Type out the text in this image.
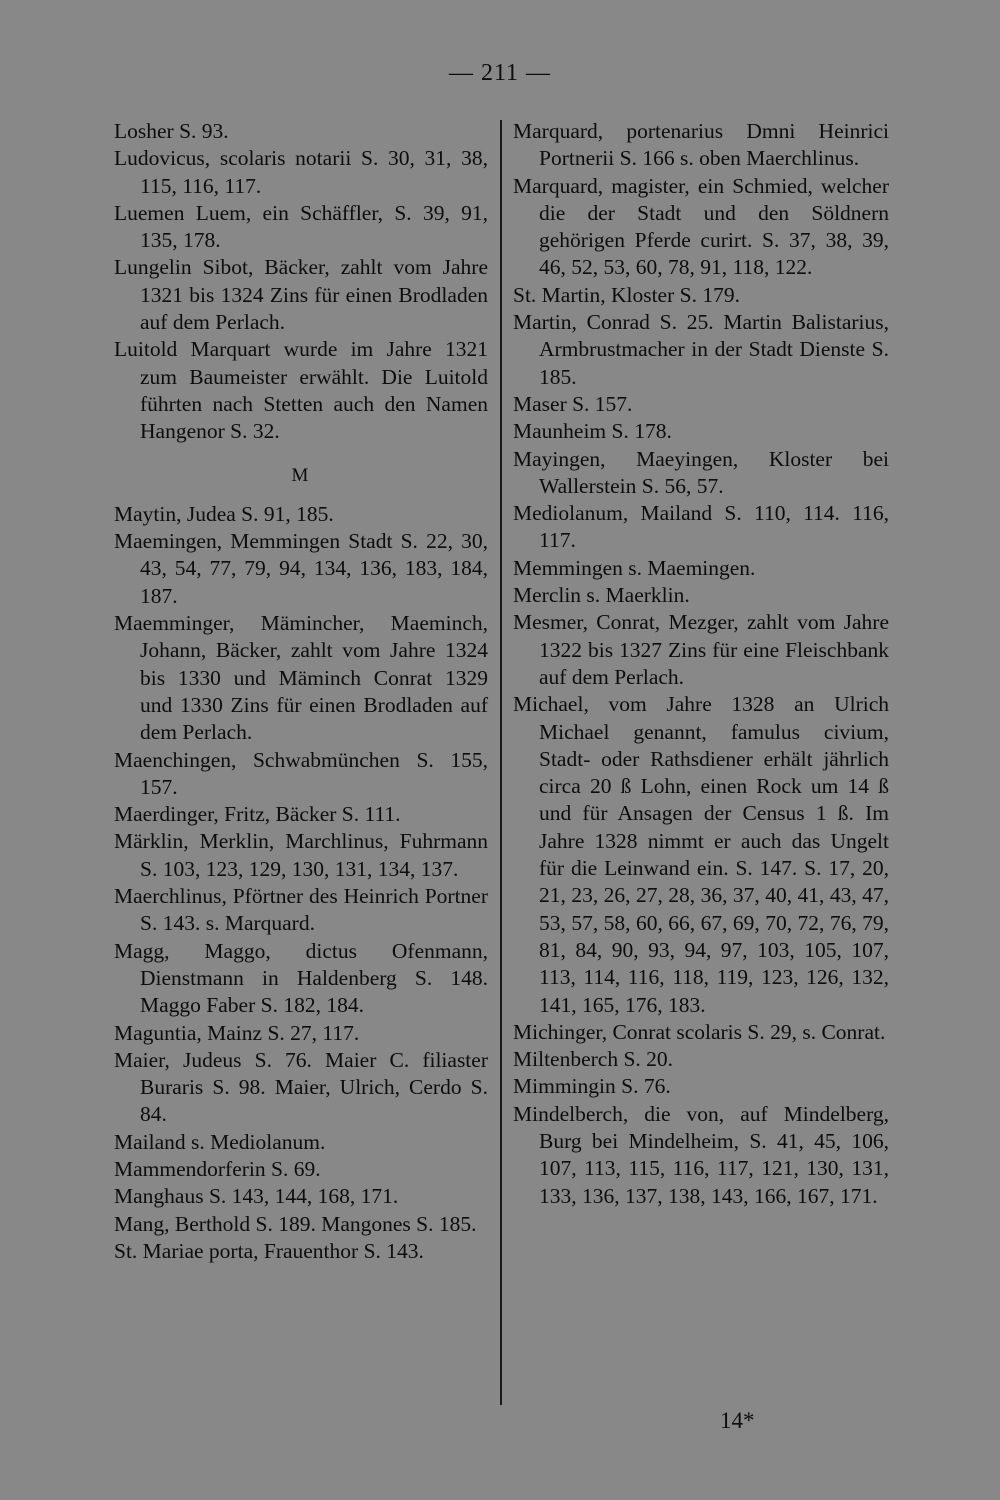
— 211 —

Losher S. 93.

Ludovicus, scolaris notarii S. 30, 31, 38, 115, 116, 117.

Luemen Luem, ein Schäffler, S. 39, 91, 135, 178.

Lungelin Sibot, Bäcker, zahlt vom Jahre 1321 bis 1324 Zins für einen Brodladen auf dem Perlach.

Luitold Marquart wurde im Jahre 1321 zum Baumeister erwählt. Die Luitold führten nach Stetten auch den Namen Hangenor S. 32.

M

Maytin, Judea S. 91, 185.

Maemingen, Memmingen Stadt S. 22, 30, 43, 54, 77, 79, 94, 134, 136, 183, 184, 187.

Maemminger, Mämincher, Maeminch, Johann, Bäcker, zahlt vom Jahre 1324 bis 1330 und Mäminch Conrat 1329 und 1330 Zins für einen Brodladen auf dem Perlach.

Maenchingen, Schwabmünchen S. 155, 157.

Maerdinger, Fritz, Bäcker S. 111.

Märklin, Merklin, Marchlinus, Fuhrmann S. 103, 123, 129, 130, 131, 134, 137.

Maerchlinus, Pförtner des Heinrich Portner S. 143. s. Marquard.

Magg, Maggo, dictus Ofenmann, Dienstmann in Haldenberg S. 148. Maggo Faber S. 182, 184.

Maguntia, Mainz S. 27, 117.

Maier, Judeus S. 76. Maier C. filiaster Buraris S. 98. Maier, Ulrich, Cerdo S. 84.

Mailand s. Mediolanum.

Mammendorferin S. 69.

Manghaus S. 143, 144, 168, 171.

Mang, Berthold S. 189. Mangones S. 185.

St. Mariae porta, Frauenthor S. 143.

Marquard, portenarius Dmni Heinrici Portnerii S. 166 s. oben Maerchlinus.

Marquard, magister, ein Schmied, welcher die der Stadt und den Söldnern gehörigen Pferde curirt. S. 37, 38, 39, 46, 52, 53, 60, 78, 91, 118, 122.

St. Martin, Kloster S. 179.

Martin, Conrad S. 25. Martin Balistarius, Armbrustmacher in der Stadt Dienste S. 185.

Maser S. 157.

Maunheim S. 178.

Mayingen, Maeyingen, Kloster bei Wallerstein S. 56, 57.

Mediolanum, Mailand S. 110, 114. 116, 117.

Memmingen s. Maemingen.

Merclin s. Maerklin.

Mesmer, Conrat, Mezger, zahlt vom Jahre 1322 bis 1327 Zins für eine Fleischbank auf dem Perlach.

Michael, vom Jahre 1328 an Ulrich Michael genannt, famulus civium, Stadt- oder Rathsdiener erhält jährlich circa 20 ß Lohn, einen Rock um 14 ß und für Ansagen der Census 1 ß. Im Jahre 1328 nimmt er auch das Ungelt für die Leinwand ein. S. 147. S. 17, 20, 21, 23, 26, 27, 28, 36, 37, 40, 41, 43, 47, 53, 57, 58, 60, 66, 67, 69, 70, 72, 76, 79, 81, 84, 90, 93, 94, 97, 103, 105, 107, 113, 114, 116, 118, 119, 123, 126, 132, 141, 165, 176, 183.

Michinger, Conrat scolaris S. 29, s. Conrat.

Miltenberch S. 20.

Mimmingin S. 76.

Mindelberch, die von, auf Mindelberg, Burg bei Mindelheim, S. 41, 45, 106, 107, 113, 115, 116, 117, 121, 130, 131, 133, 136, 137, 138, 143, 166, 167, 171.

14*
